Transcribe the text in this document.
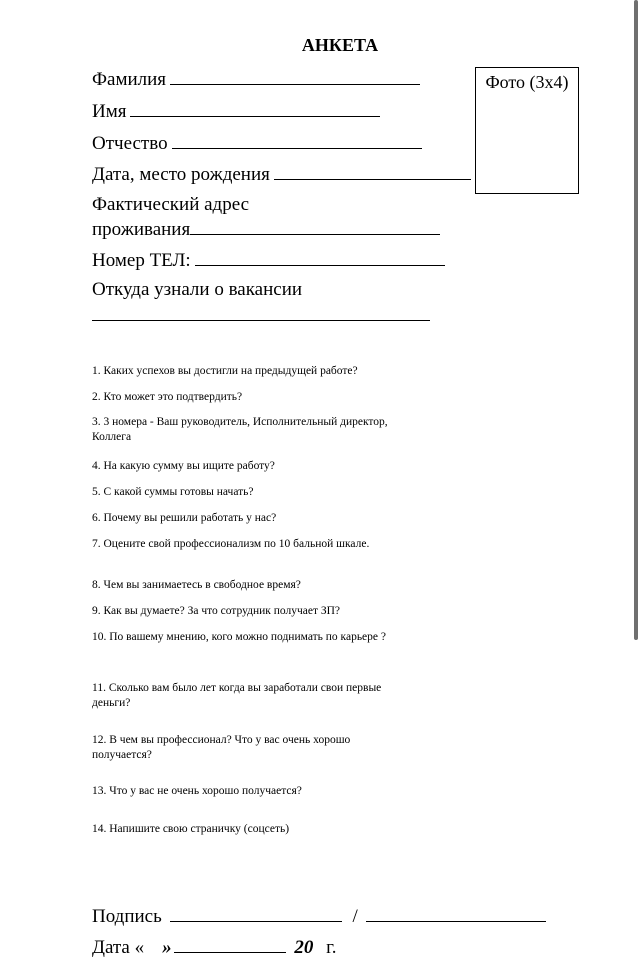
АНКЕТА
Фото (3х4)
Фамилия
Имя
Отчество
Дата, место рождения
Фактический адрес
проживания
Номер ТЕЛ:
Откуда узнали о вакансии
1. Каких успехов вы достигли на предыдущей работе?
2. Кто может это подтвердить?
3. 3 номера - Ваш руководитель, Исполнительный директор, Коллега
4. На какую сумму вы ищите работу?
5. С какой суммы готовы начать?
6. Почему вы решили работать у нас?
7. Оцените свой профессионализм по 10 бальной шкале.
8. Чем вы занимаетесь в свободное время?
9. Как вы думаете? За что сотрудник получает ЗП?
10. По вашему мнению, кого можно поднимать по карьере ?
11. Сколько вам было лет когда вы заработали свои первые деньги?
12. В чем вы профессионал? Что у вас очень хорошо получается?
13. Что у вас не очень хорошо получается?
14. Напишите свою страничку (соцсеть)
Подпись	/
Дата « »	20 г.
